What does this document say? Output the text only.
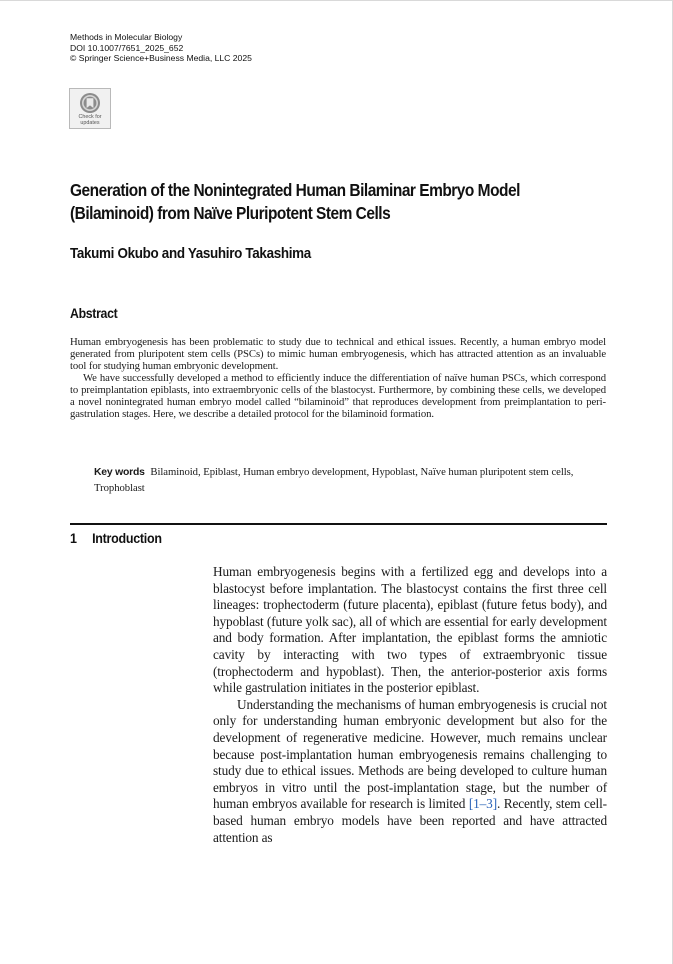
Methods in Molecular Biology
DOI 10.1007/7651_2025_652
© Springer Science+Business Media, LLC 2025
Check for
updates
Generation of the Nonintegrated Human Bilaminar Embryo Model (Bilaminoid) from Naïve Pluripotent Stem Cells
Takumi Okubo and Yasuhiro Takashima
Abstract

Human embryogenesis has been problematic to study due to technical and ethical issues. Recently, a human embryo model generated from pluripotent stem cells (PSCs) to mimic human embryogenesis, which has attracted attention as an invaluable tool for studying human embryonic development.

We have successfully developed a method to efficiently induce the differentiation of naïve human PSCs, which correspond to preimplantation epiblasts, into extraembryonic cells of the blastocyst. Furthermore, by combining these cells, we developed a novel nonintegrated human embryo model called “bilaminoid” that reproduces development from preimplantation to peri-gastrulation stages. Here, we describe a detailed protocol for the bilaminoid formation.

Key words Bilaminoid, Epiblast, Human embryo development, Hypoblast, Naïve human pluripotent stem cells, Trophoblast
1 Introduction

Human embryogenesis begins with a fertilized egg and develops into a blastocyst before implantation. The blastocyst contains the first three cell lineages: trophectoderm (future placenta), epiblast (future fetus body), and hypoblast (future yolk sac), all of which are essential for early development and body formation. After implantation, the epiblast forms the amniotic cavity by interacting with two types of extraembryonic tissue (trophectoderm and hypoblast). Then, the anterior-posterior axis forms while gastrulation initiates in the posterior epiblast.

Understanding the mechanisms of human embryogenesis is crucial not only for understanding human embryonic development but also for the development of regenerative medicine. However, much remains unclear because post-implantation human embryogenesis remains challenging to study due to ethical issues. Methods are being developed to culture human embryos in vitro until the post-implantation stage, but the number of human embryos available for research is limited [1–3]. Recently, stem cell-based human embryo models have been reported and have attracted attention as
